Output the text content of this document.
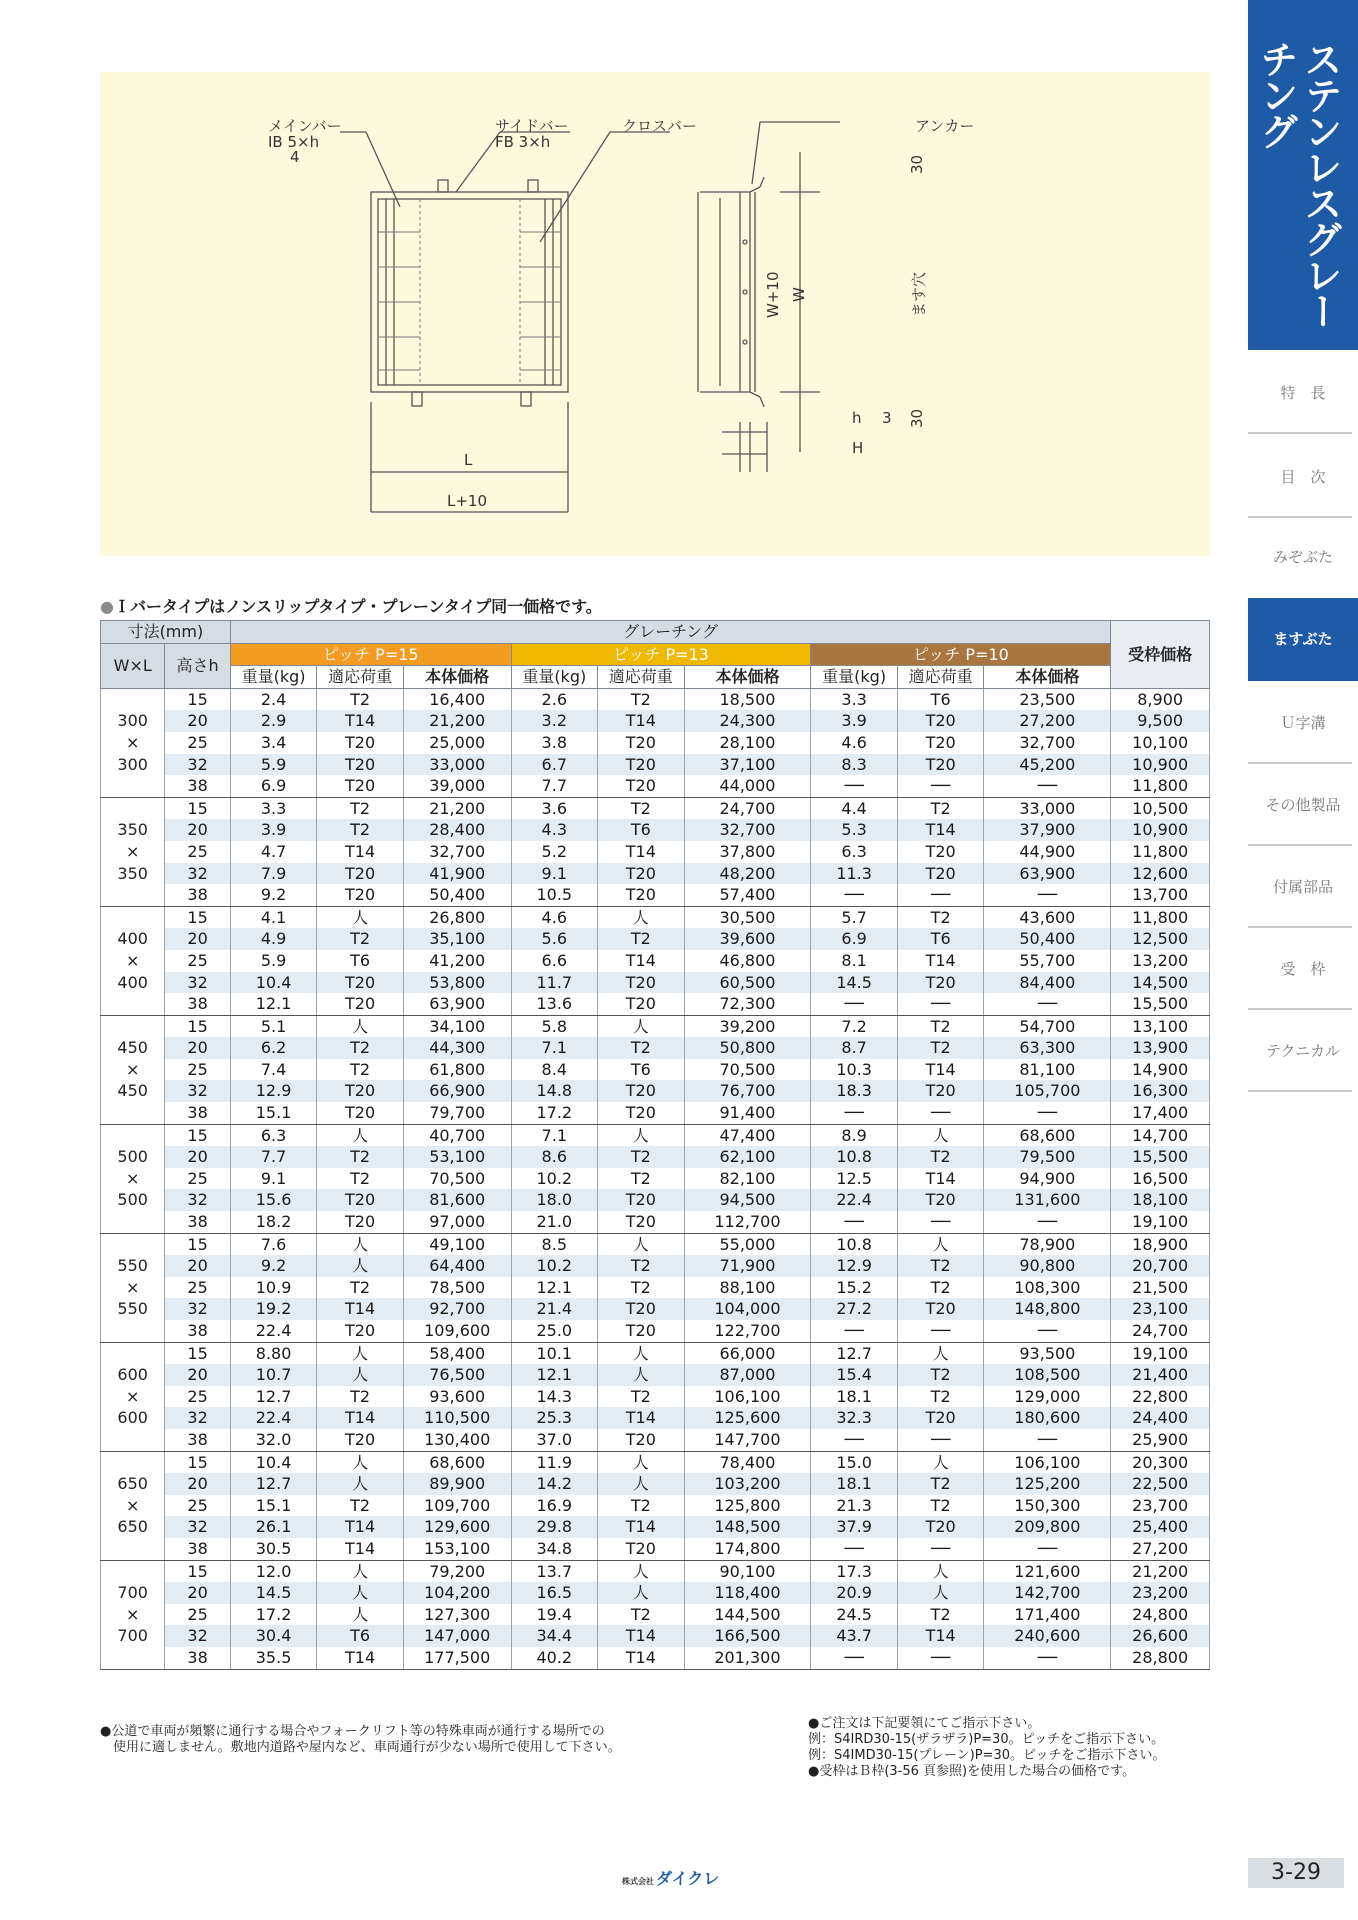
メインバー
IB 5×h
4
サイドバー
FB 3×h
クロスバー	アンカー
L
L+10
W+10 W
30
30
ます穴
h 3
H
●Ｉバータイプはノンスリップタイプ・プレーンタイプ同一価格です。
寸法(mm)		グレーチング									受枠価格
W×L	高さh	ピッチ P=15			ピッチ P=13			ピッチ P=10			
		重量(kg)	適応荷重	本体価格	重量(kg)	適応荷重	本体価格	重量(kg)	適応荷重	本体価格	

300
×
300	15	2.4	T2	16,400	2.6	T2	18,500	3.3	T6	23,500	8,900
	20	2.9	T14	21,200	3.2	T14	24,300	3.9	T20	27,200	9,500
	25	3.4	T20	25,000	3.8	T20	28,100	4.6	T20	32,700	10,100
	32	5.9	T20	33,000	6.7	T20	37,100	8.3	T20	45,200	10,900
	38	6.9	T20	39,000	7.7	T20	44,000	──	──	──	11,800

350
×
350	15	3.3	T2	21,200	3.6	T2	24,700	4.4	T2	33,000	10,500
	20	3.9	T2	28,400	4.3	T6	32,700	5.3	T14	37,900	10,900
	25	4.7	T14	32,700	5.2	T14	37,800	6.3	T20	44,900	11,800
	32	7.9	T20	41,900	9.1	T20	48,200	11.3	T20	63,900	12,600
	38	9.2	T20	50,400	10.5	T20	57,400	──	──	──	13,700

400
×
400	15	4.1	人	26,800	4.6	人	30,500	5.7	T2	43,600	11,800
	20	4.9	T2	35,100	5.6	T2	39,600	6.9	T6	50,400	12,500
	25	5.9	T6	41,200	6.6	T14	46,800	8.1	T14	55,700	13,200
	32	10.4	T20	53,800	11.7	T20	60,500	14.5	T20	84,400	14,500
	38	12.1	T20	63,900	13.6	T20	72,300	──	──	──	15,500

450
×
450	15	5.1	人	34,100	5.8	人	39,200	7.2	T2	54,700	13,100
	20	6.2	T2	44,300	7.1	T2	50,800	8.7	T2	63,300	13,900
	25	7.4	T2	61,800	8.4	T6	70,500	10.3	T14	81,100	14,900
	32	12.9	T20	66,900	14.8	T20	76,700	18.3	T20	105,700	16,300
	38	15.1	T20	79,700	17.2	T20	91,400	──	──	──	17,400

500
×
500	15	6.3	人	40,700	7.1	人	47,400	8.9	人	68,600	14,700
	20	7.7	T2	53,100	8.6	T2	62,100	10.8	T2	79,500	15,500
	25	9.1	T2	70,500	10.2	T2	82,100	12.5	T14	94,900	16,500
	32	15.6	T20	81,600	18.0	T20	94,500	22.4	T20	131,600	18,100
	38	18.2	T20	97,000	21.0	T20	112,700	──	──	──	19,100

550
×
550	15	7.6	人	49,100	8.5	人	55,000	10.8	人	78,900	18,900
	20	9.2	人	64,400	10.2	T2	71,900	12.9	T2	90,800	20,700
	25	10.9	T2	78,500	12.1	T2	88,100	15.2	T2	108,300	21,500
	32	19.2	T14	92,700	21.4	T20	104,000	27.2	T20	148,800	23,100
	38	22.4	T20	109,600	25.0	T20	122,700	──	──	──	24,700

600
×
600	15	8.80	人	58,400	10.1	人	66,000	12.7	人	93,500	19,100
	20	10.7	人	76,500	12.1	人	87,000	15.4	T2	108,500	21,400
	25	12.7	T2	93,600	14.3	T2	106,100	18.1	T2	129,000	22,800
	32	22.4	T14	110,500	25.3	T14	125,600	32.3	T20	180,600	24,400
	38	32.0	T20	130,400	37.0	T20	147,700	──	──	──	25,900

650
×
650	15	10.4	人	68,600	11.9	人	78,400	15.0	人	106,100	20,300
	20	12.7	人	89,900	14.2	人	103,200	18.1	T2	125,200	22,500
	25	15.1	T2	109,700	16.9	T2	125,800	21.3	T2	150,300	23,700
	32	26.1	T14	129,600	29.8	T14	148,500	37.9	T20	209,800	25,400
	38	30.5	T14	153,100	34.8	T20	174,800	──	──	──	27,200

700
×
700	15	12.0	人	79,200	13.7	人	90,100	17.3	人	121,600	21,200
	20	14.5	人	104,200	16.5	人	118,400	20.9	人	142,700	23,200
	25	17.2	人	127,300	19.4	T2	144,500	24.5	T2	171,400	24,800
	32	30.4	T6	147,000	34.4	T14	166,500	43.7	T14	240,600	26,600
	38	35.5	T14	177,500	40.2	T14	201,300	──	──	──	28,800
●公道で車両が頻繁に通行する場合やフォークリフト等の特殊車両が通行する場所での
　使用に適しません。敷地内道路や屋内など、車両通行が少ない場所で使用して下さい。
●ご注文は下記要領にてご指示下さい。
例：S4IRD30-15(ザラザラ)P=30。ピッチをご指示下さい。
例：S4IMD30-15(プレーン)P=30。ピッチをご指示下さい。
●受枠はＢ枠(3-56 頁参照)を使用した場合の価格です。
ステンレスグレーチング
特　長
目　次
みぞぶた
ますぶた
Ｕ字溝
その他製品
付属部品
受　枠
テクニカル
株式会社 ダイクレ	3-29
